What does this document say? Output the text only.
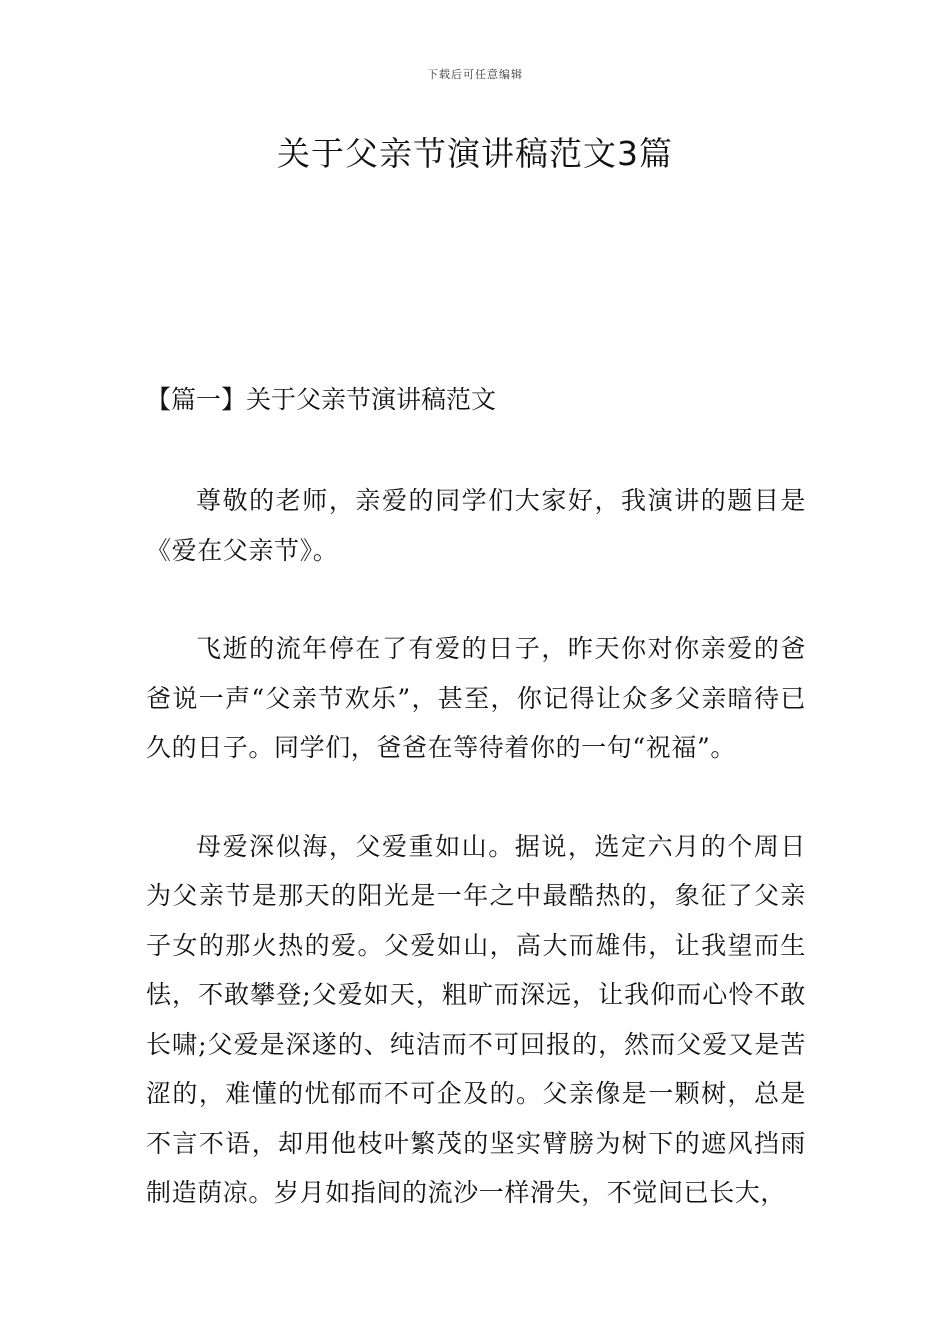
下载后可任意编辑
关于父亲节演讲稿范文3篇
【篇一】关于父亲节演讲稿范文

尊敬的老师，亲爱的同学们大家好，我演讲的题目是《爱在父亲节》。

飞逝的流年停在了有爱的日子，昨天你对你亲爱的爸爸说一声“父亲节欢乐”，甚至，你记得让众多父亲暗待已久的日子。同学们，爸爸在等待着你的一句“祝福”。

母爱深似海，父爱重如山。据说，选定六月的个周日为父亲节是那天的阳光是一年之中最酷热的，象征了父亲子女的那火热的爱。父爱如山，高大而雄伟，让我望而生怯，不敢攀登;父爱如天，粗旷而深远，让我仰而心怜不敢长啸;父爱是深遂的、纯洁而不可回报的，然而父爱又是苦涩的，难懂的忧郁而不可企及的。父亲像是一颗树，总是不言不语，却用他枝叶繁茂的坚实臂膀为树下的遮风挡雨制造荫凉。岁月如指间的流沙一样滑失，不觉间已长大，
